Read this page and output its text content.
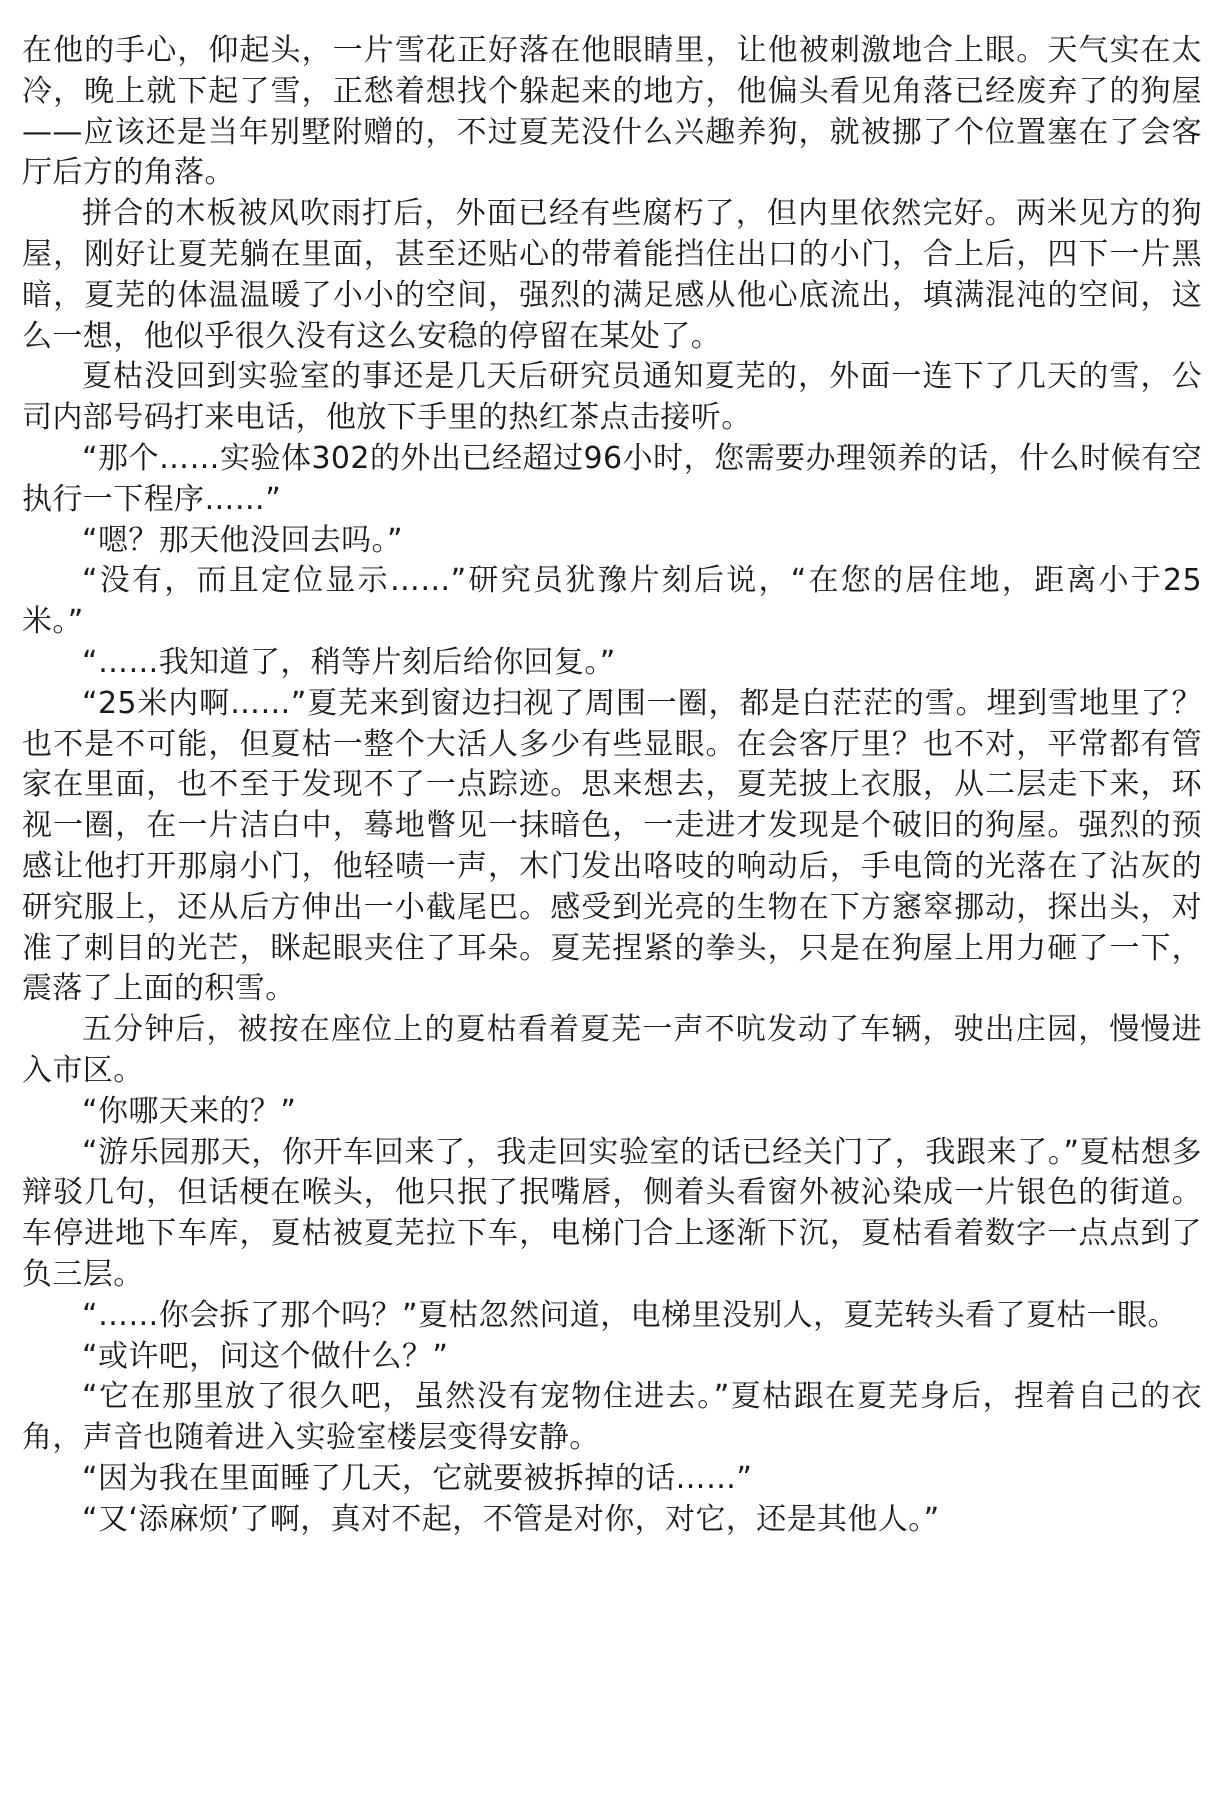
在他的手心，仰起头，一片雪花正好落在他眼睛里，让他被刺激地合上眼。天气实在太冷，晚上就下起了雪，正愁着想找个躲起来的地方，他偏头看见角落已经废弃了的狗屋——应该还是当年别墅附赠的，不过夏芜没什么兴趣养狗，就被挪了个位置塞在了会客厅后方的角落。

拼合的木板被风吹雨打后，外面已经有些腐朽了，但内里依然完好。两米见方的狗屋，刚好让夏芜躺在里面，甚至还贴心的带着能挡住出口的小门，合上后，四下一片黑暗，夏芜的体温温暖了小小的空间，强烈的满足感从他心底流出，填满混沌的空间，这么一想，他似乎很久没有这么安稳的停留在某处了。

夏枯没回到实验室的事还是几天后研究员通知夏芜的，外面一连下了几天的雪，公司内部号码打来电话，他放下手里的热红茶点击接听。

“那个……实验体302的外出已经超过96小时，您需要办理领养的话，什么时候有空执行一下程序……”

“嗯？那天他没回去吗。”

“没有，而且定位显示……”研究员犹豫片刻后说，“在您的居住地，距离小于25米。”

“……我知道了，稍等片刻后给你回复。”

“25米内啊……”夏芜来到窗边扫视了周围一圈，都是白茫茫的雪。埋到雪地里了？也不是不可能，但夏枯一整个大活人多少有些显眼。在会客厅里？也不对，平常都有管家在里面，也不至于发现不了一点踪迹。思来想去，夏芜披上衣服，从二层走下来，环视一圈，在一片洁白中，蓦地瞥见一抹暗色，一走进才发现是个破旧的狗屋。强烈的预感让他打开那扇小门，他轻啧一声，木门发出咯吱的响动后，手电筒的光落在了沾灰的研究服上，还从后方伸出一小截尾巴。感受到光亮的生物在下方窸窣挪动，探出头，对准了刺目的光芒，眯起眼夹住了耳朵。夏芜捏紧的拳头，只是在狗屋上用力砸了一下，震落了上面的积雪。

五分钟后，被按在座位上的夏枯看着夏芜一声不吭发动了车辆，驶出庄园，慢慢进入市区。

“你哪天来的？”

“游乐园那天，你开车回来了，我走回实验室的话已经关门了，我跟来了。”夏枯想多辩驳几句，但话梗在喉头，他只抿了抿嘴唇，侧着头看窗外被沁染成一片银色的街道。车停进地下车库，夏枯被夏芜拉下车，电梯门合上逐渐下沉，夏枯看着数字一点点到了负三层。

“……你会拆了那个吗？”夏枯忽然问道，电梯里没别人，夏芜转头看了夏枯一眼。

“或许吧，问这个做什么？”

“它在那里放了很久吧，虽然没有宠物住进去。”夏枯跟在夏芜身后，捏着自己的衣角，声音也随着进入实验室楼层变得安静。

“因为我在里面睡了几天，它就要被拆掉的话……”

“又‘添麻烦’了啊，真对不起，不管是对你，对它，还是其他人。”
